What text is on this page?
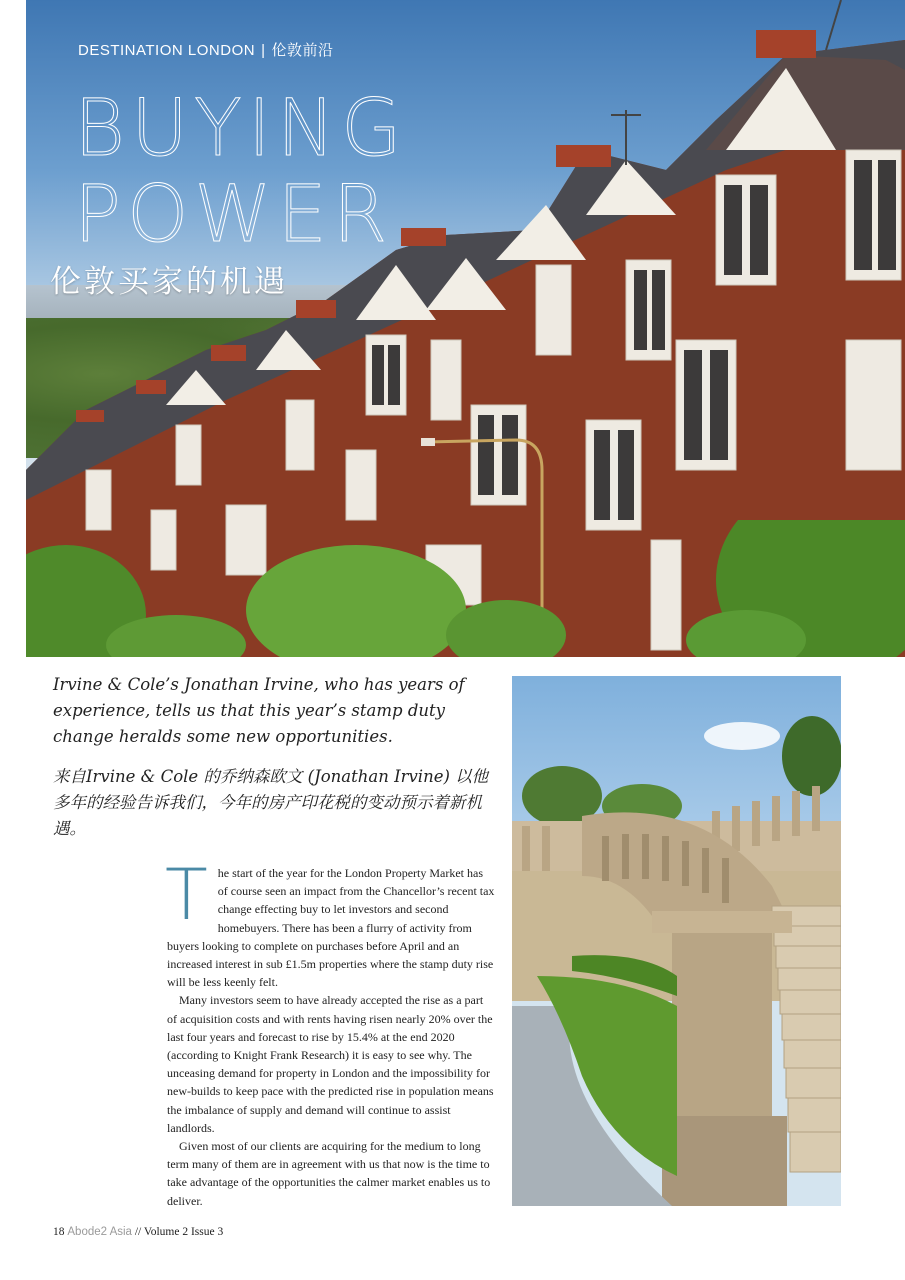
DESTINATION LONDON | 伦敦前沿
BUYING
POWER
伦敦买家的机遇
Irvine & Cole’s Jonathan Irvine, who has years of experience, tells us that this year’s stamp duty change heralds some new opportunities.
来自Irvine & Cole 的乔纳森欧文 (Jonathan Irvine) 以他多年的经验告诉我们，今年的房产印花税的变动预示着新机遇。

The start of the year for the London Property Market has of course seen an impact from the Chancellor’s recent tax change effecting buy to let investors and second homebuyers. There has been a flurry of activity from buyers looking to complete on purchases before April and an increased interest in sub £1.5m properties where the stamp duty rise will be less keenly felt.

Many investors seem to have already accepted the rise as a part of acquisition costs and with rents having risen nearly 20% over the last four years and forecast to rise by 15.4% at the end 2020 (according to Knight Frank Research) it is easy to see why. The unceasing demand for property in London and the impossibility for new-builds to keep pace with the predicted rise in population means the imbalance of supply and demand will continue to assist landlords.

Given most of our clients are acquiring for the medium to long term many of them are in agreement with us that now is the time to take advantage of the opportunities the calmer market enables us to deliver.

18 Abode2 Asia // Volume 2 Issue 3
